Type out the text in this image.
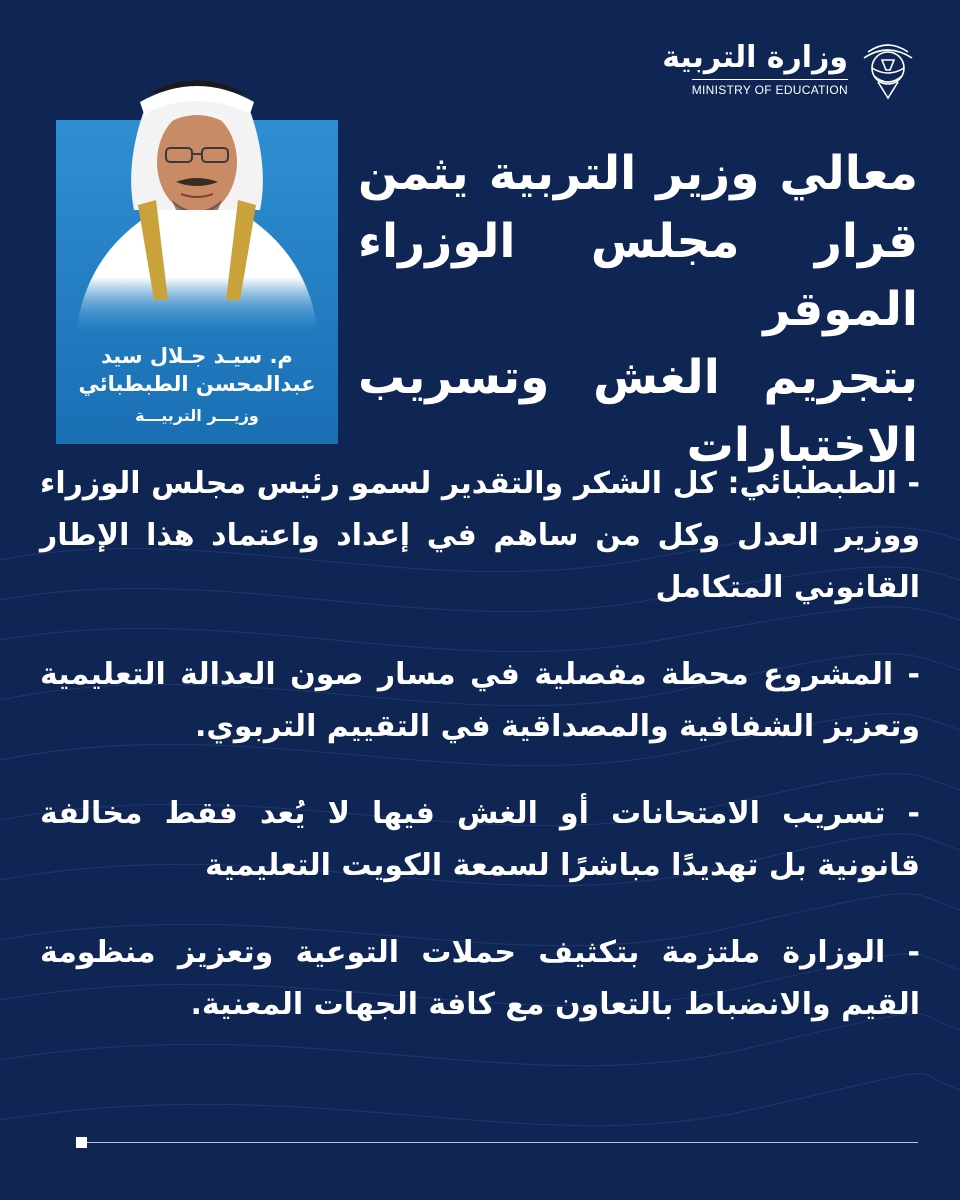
وزارة التربية
MINISTRY OF EDUCATION
م. سيـد جـلال سيد
عبدالمحسن الطبطبائي
وزيـــر التربيـــة
معالي وزير التربية يثمن
قرار مجلس الوزراء الموقر
بتجريم الغش وتسريب
الاختبارات

- الطبطبائي: كل الشكر والتقدير لسمو رئيس مجلس الوزراء ووزير العدل وكل من ساهم في إعداد واعتماد هذا الإطار القانوني المتكامل

- المشروع محطة مفصلية في مسار صون العدالة التعليمية وتعزيز الشفافية والمصداقية في التقييم التربوي.

- تسريب الامتحانات أو الغش فيها لا يُعد فقط مخالفة قانونية بل تهديدًا مباشرًا لسمعة الكويت التعليمية

- الوزارة ملتزمة بتكثيف حملات التوعية وتعزيز منظومة القيم والانضباط بالتعاون مع كافة الجهات المعنية.
